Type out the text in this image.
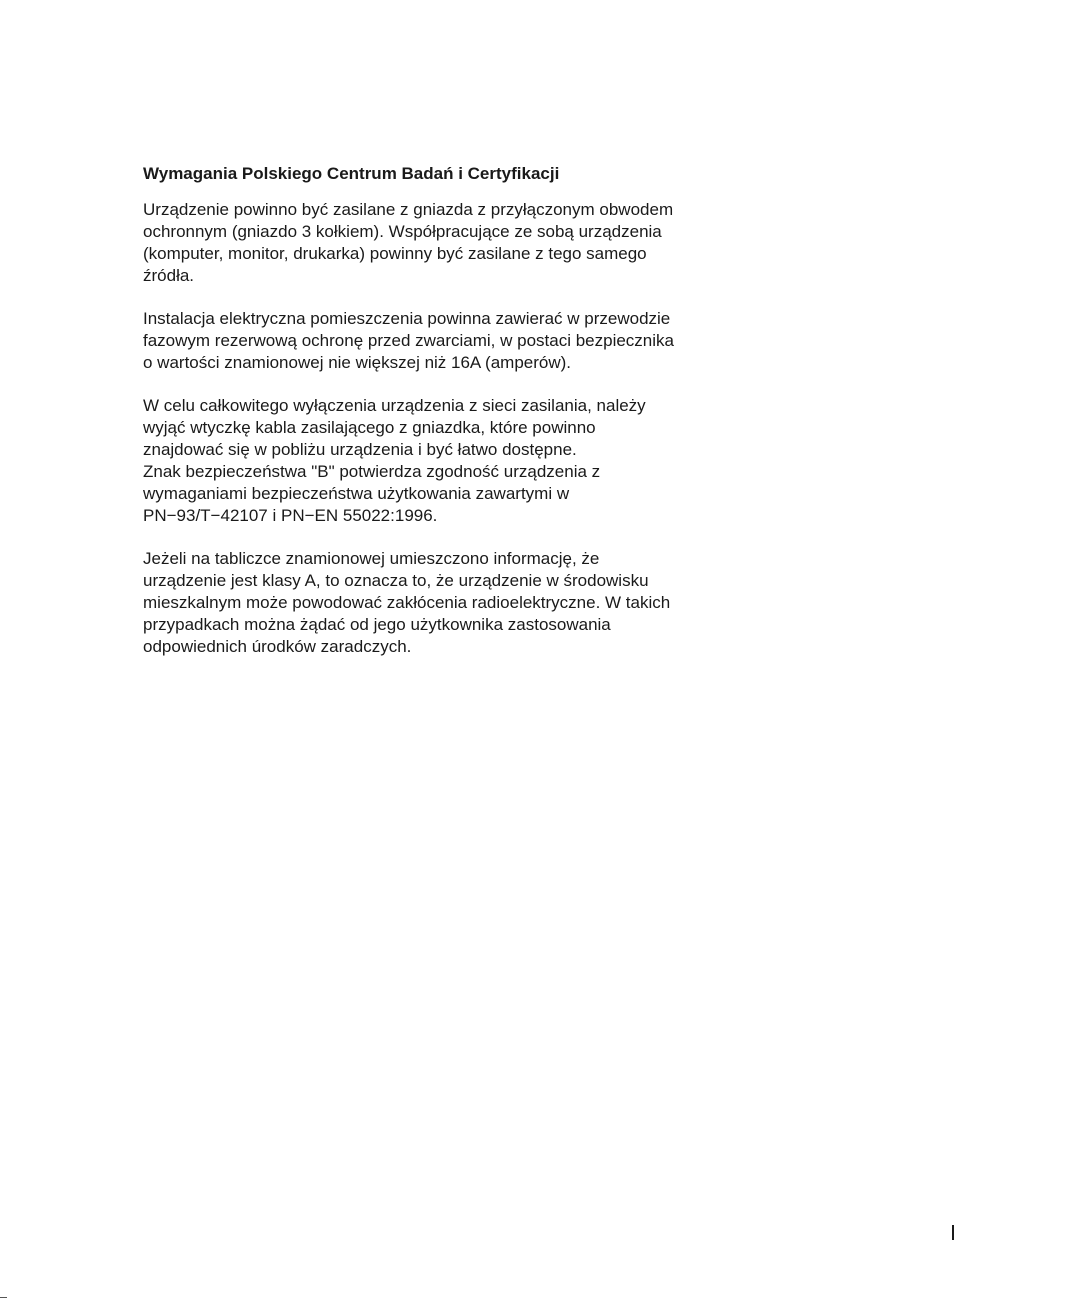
Wymagania Polskiego Centrum Badań i Certyfikacji

Urządzenie powinno być zasilane z gniazda z przyłączonym obwodem
ochronnym (gniazdo 3 kołkiem). Współpracujące ze sobą urządzenia
(komputer, monitor, drukarka) powinny być zasilane z tego samego
źródła.

Instalacja elektryczna pomieszczenia powinna zawierać w przewodzie
fazowym rezerwową ochronę przed zwarciami, w postaci bezpiecznika
o wartości znamionowej nie większej niż 16A (amperów).

W celu całkowitego wyłączenia urządzenia z sieci zasilania, należy
wyjąć wtyczkę kabla zasilającego z gniazdka, które powinno
znajdować się w pobliżu urządzenia i być łatwo dostępne.
Znak bezpieczeństwa "B" potwierdza zgodność urządzenia z
wymaganiami bezpieczeństwa użytkowania zawartymi w
PN−93/T−42107 i PN−EN 55022:1996.

Jeżeli na tabliczce znamionowej umieszczono informację, że
urządzenie jest klasy A, to oznacza to, że urządzenie w środowisku
mieszkalnym może powodować zakłócenia radioelektryczne. W takich
przypadkach można żądać od jego użytkownika zastosowania
odpowiednich úrodków zaradczych.
